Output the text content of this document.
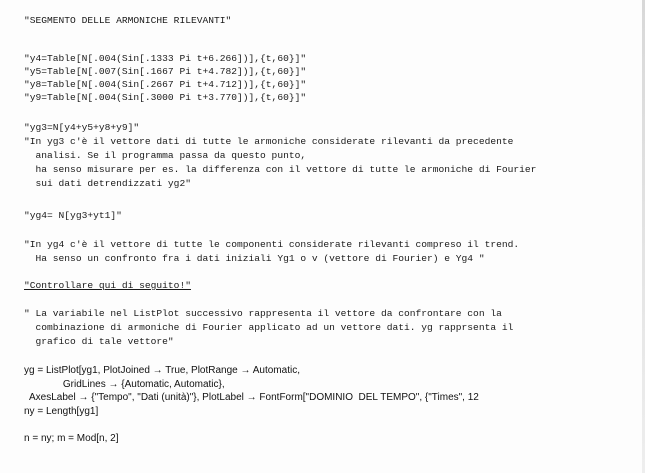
"SEGMENTO DELLE ARMONICHE RILEVANTI"
"y4=Table[N[.004(Sin[.1333 Pi t+6.266])],{t,60}]"
"y5=Table[N[.007(Sin[.1667 Pi t+4.782])],{t,60}]"
"y8=Table[N[.004(Sin[.2667 Pi t+4.712])],{t,60}]"
"y9=Table[N[.004(Sin[.3000 Pi t+3.770])],{t,60}]"
"yg3=N[y4+y5+y8+y9]"
"In yg3 c'è il vettore dati di tutte le armoniche considerate rilevanti da precedente
analisi. Se il programma passa da questo punto,
ha senso misurare per es. la differenza con il vettore di tutte le armoniche di Fourier
sui dati detrendizzati yg2"
"yg4= N[yg3+yt1]"
"In yg4 c'è il vettore di tutte le componenti considerate rilevanti compreso il trend.
Ha senso un confronto fra i dati iniziali Yg1 o v (vettore di Fourier) e Yg4 "
"Controllare qui di seguito!"
" La variabile nel ListPlot successivo rappresenta il vettore da confrontare con la
combinazione di armoniche di Fourier applicato ad un vettore dati. yg rapprsenta il
grafico di tale vettore"
yg = ListPlot[yg1, PlotJoined → True, PlotRange → Automatic,
GridLines → {Automatic, Automatic},
AxesLabel → {"Tempo", "Dati (unità)"}, PlotLabel → FontForm["DOMINIO  DEL TEMPO", {"Times", 12
ny = Length[yg1]
n = ny; m = Mod[n, 2]
